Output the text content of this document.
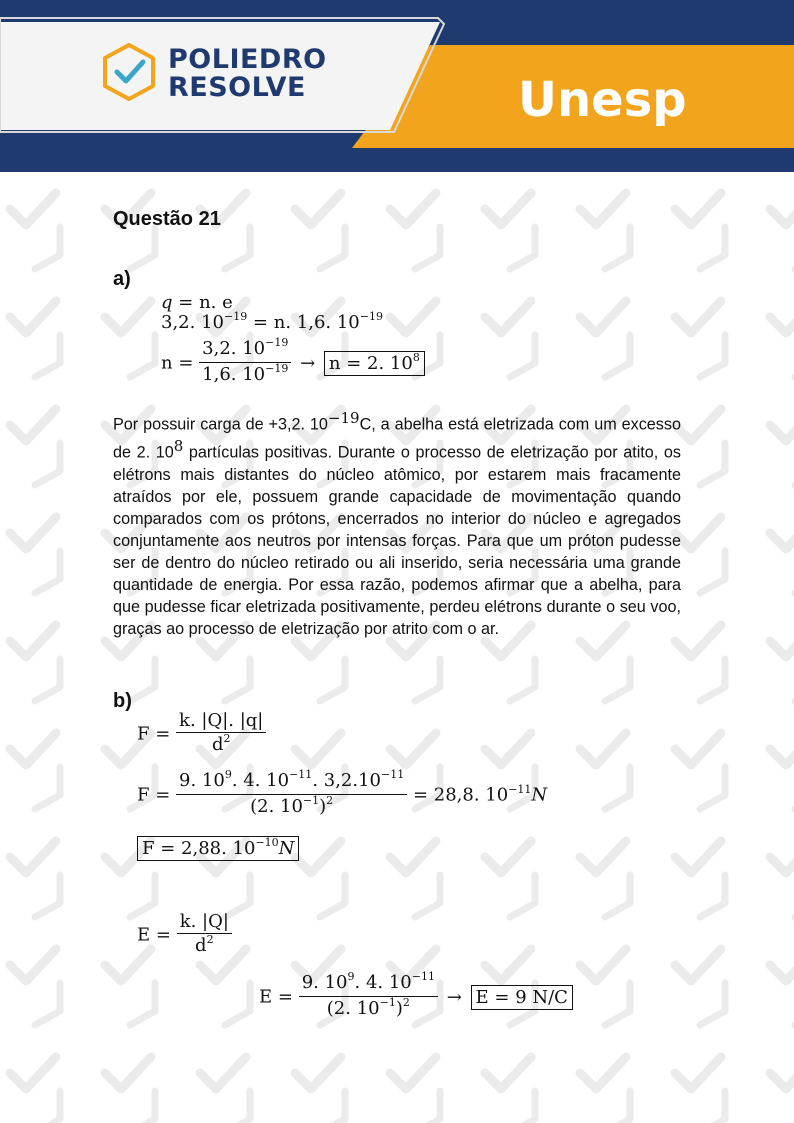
POLIEDRO
RESOLVE	Unesp
Questão 21
a)
q = n. e
3,2. $10^{-19} = n$. 1,6. $10^{-19}$
$n = \frac{3,2. 10^{-19}}{1,6. 10^{-19}} \to n = 2$. $10^8$
Por possuir carga de +3,2. $10^{-19}C$, a abelha está eletrizada com um excesso de 2. $10^8$ partículas positivas. Durante o processo de eletrização por atito, os elétrons mais distantes do núcleo atômico, por estarem mais fracamente atraídos por ele, possuem grande capacidade de movimentação quando comparados com os prótons, encerrados no interior do núcleo e agregados conjuntamente aos neutros por intensas forças. Para que um próton pudesse ser de dentro do núcleo retirado ou ali inserido, seria necessária uma grande quantidade de energia. Por essa razão, podemos afirmar que a abelha, para que pudesse ficar eletrizada positivamente, perdeu elétrons durante o seu voo, graças ao processo de eletrização por atrito com o ar.
b)
$F = \frac{k. |Q|. |q|}{d^2}$
$F = \frac{9. 10^9. 4. 10^{-11}. 3,2.10^{-11}}{(2. 10^{-1})^2} = 28,8$. $10^{-11}N$
F = 2,88. $10^{-10}N$
$E = \frac{k. |Q|}{d^2}$
$E = \frac{9. 10^9. 4. 10^{-11}}{(2. 10^{-1})^2} \to E = 9$ N/C
